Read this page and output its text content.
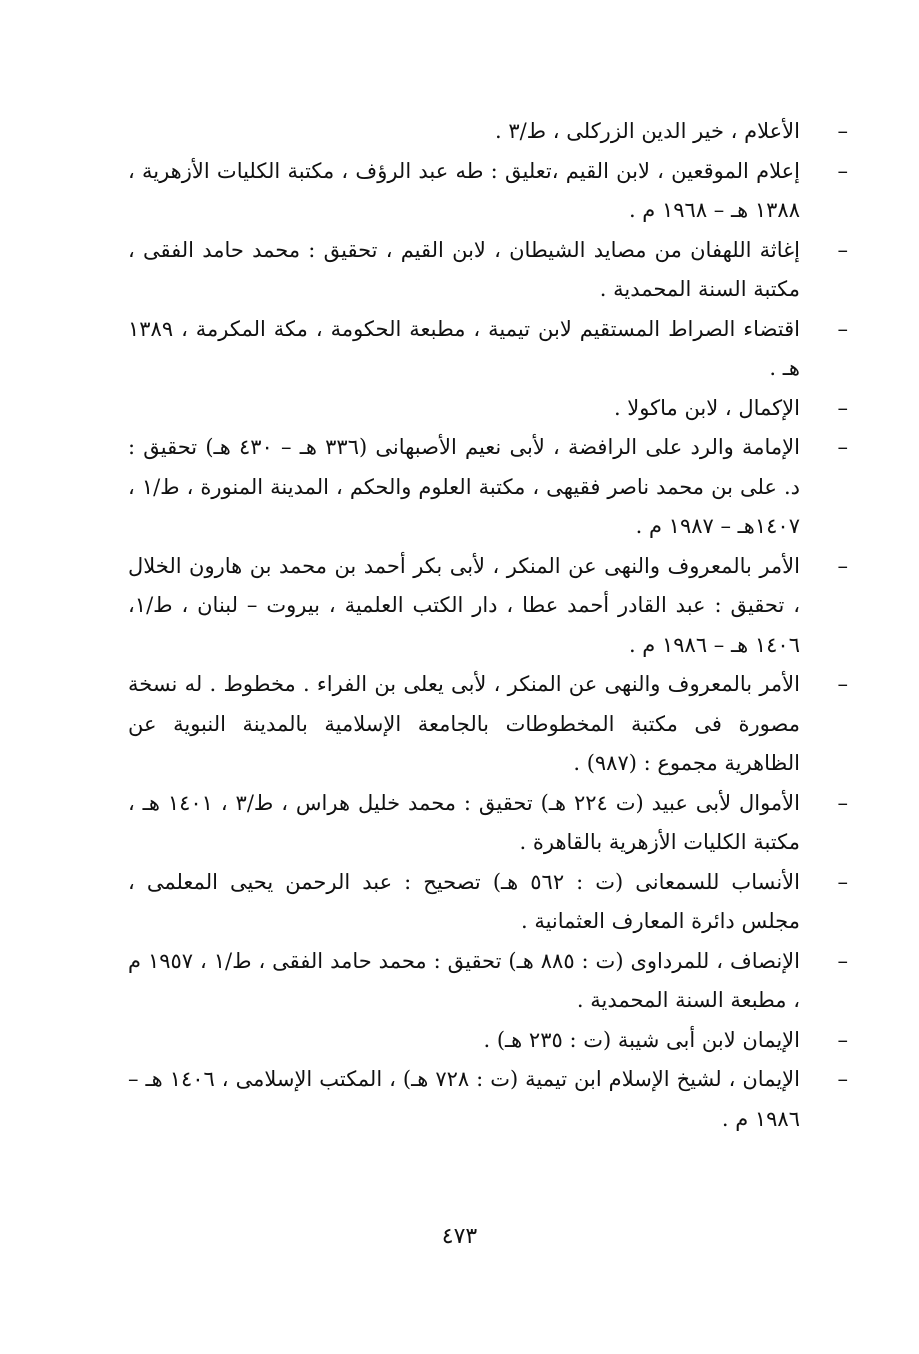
–
الأعلام ، خير الدين الزركلى ، ط/٣ .
–
إعلام الموقعين ، لابن القيم ،تعليق : طه عبد الرؤف ، مكتبة الكليات الأزهرية ، ١٣٨٨ هـ – ١٩٦٨ م .
–
إغاثة اللهفان من مصايد الشيطان ، لابن القيم ، تحقيق : محمد حامد الفقى ، مكتبة السنة المحمدية .
–
اقتضاء الصراط المستقيم لابن تيمية ، مطبعة الحكومة ، مكة المكرمة ، ١٣٨٩ هـ .
–
الإكمال ، لابن ماكولا .
–
الإمامة والرد على الرافضة ، لأبى نعيم الأصبهانى (٣٣٦ هـ – ٤٣٠ هـ) تحقيق : د. على بن محمد ناصر فقيهى ، مكتبة العلوم والحكم ، المدينة المنورة ، ط/١ ، ١٤٠٧هـ – ١٩٨٧ م .
–
الأمر بالمعروف والنهى عن المنكر ، لأبى بكر أحمد بن محمد بن هارون الخلال ، تحقيق : عبد القادر أحمد عطا ، دار الكتب العلمية ، بيروت – لبنان ، ط/١، ١٤٠٦ هـ – ١٩٨٦ م .
–
الأمر بالمعروف والنهى عن المنكر ، لأبى يعلى بن الفراء . مخطوط . له نسخة مصورة فى مكتبة المخطوطات بالجامعة الإسلامية بالمدينة النبوية عن الظاهرية مجموع : (٩٨٧) .
–
الأموال لأبى عبيد (ت ٢٢٤ هـ) تحقيق : محمد خليل هراس ، ط/٣ ، ١٤٠١ هـ ، مكتبة الكليات الأزهرية بالقاهرة .
–
الأنساب للسمعانى (ت : ٥٦٢ هـ) تصحيح : عبد الرحمن يحيى المعلمى ، مجلس دائرة المعارف العثمانية .
–
الإنصاف ، للمرداوى (ت : ٨٨٥ هـ) تحقيق : محمد حامد الفقى ، ط/١ ، ١٩٥٧ م ، مطبعة السنة المحمدية .
–
الإيمان لابن أبى شيبة (ت : ٢٣٥ هـ) .
–
الإيمان ، لشيخ الإسلام ابن تيمية (ت : ٧٢٨ هـ) ، المكتب الإسلامى ، ١٤٠٦ هـ – ١٩٨٦ م .
٤٧٣
